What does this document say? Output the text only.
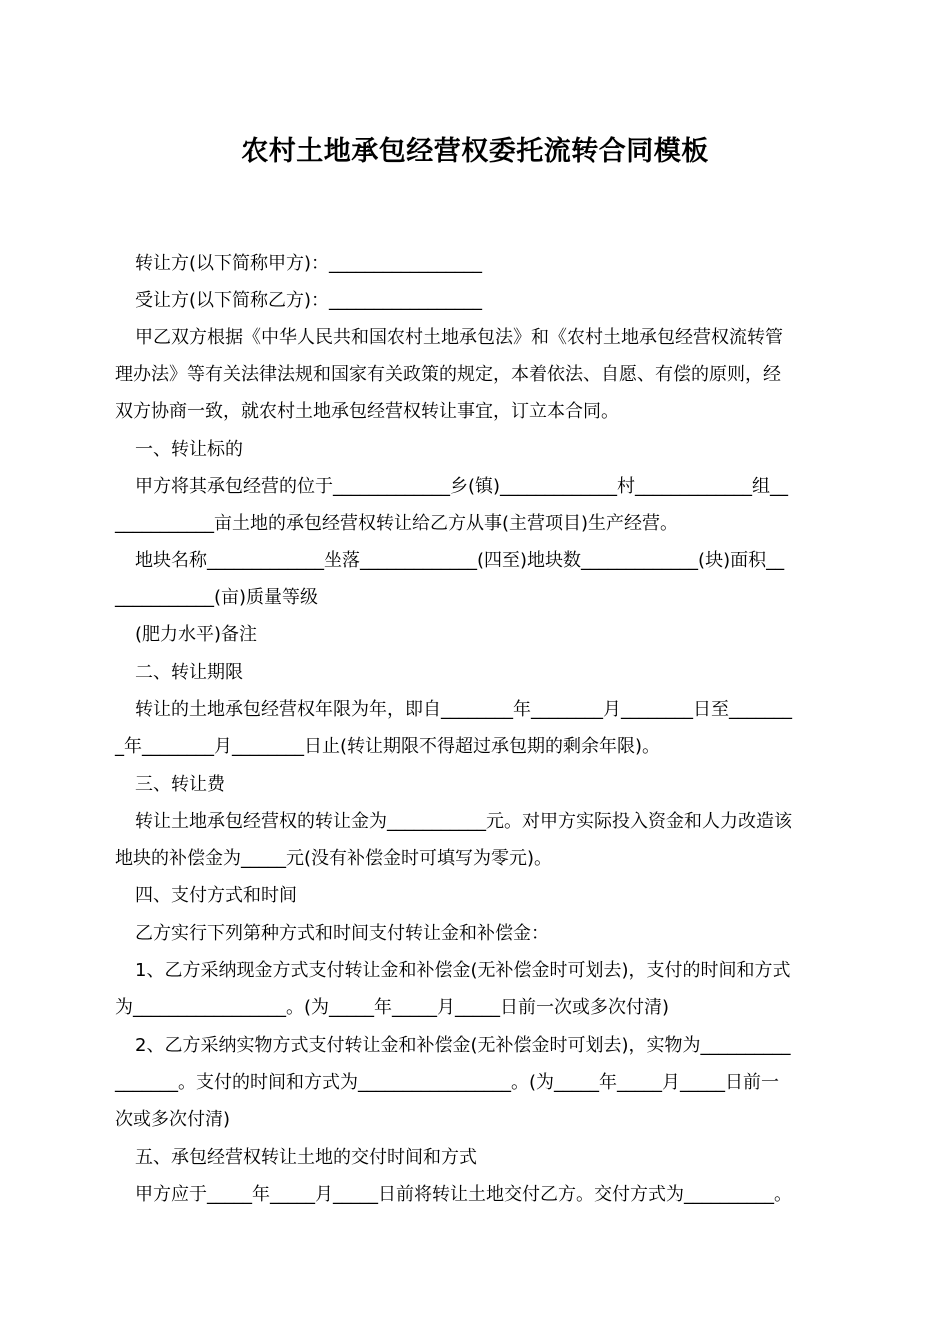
农村土地承包经营权委托流转合同模板
转让方(以下简称甲方)：_________________
受让方(以下简称乙方)：_________________
甲乙双方根据《中华人民共和国农村土地承包法》和《农村土地承包经营权流转管
理办法》等有关法律法规和国家有关政策的规定，本着依法、自愿、有偿的原则，经
双方协商一致，就农村土地承包经营权转让事宜，订立本合同。
一、转让标的
甲方将其承包经营的位于_____________乡(镇)_____________村_____________组__
___________亩土地的承包经营权转让给乙方从事(主营项目)生产经营。
地块名称_____________坐落_____________(四至)地块数_____________(块)面积__
___________(亩)质量等级
(肥力水平)备注
二、转让期限
转让的土地承包经营权年限为年，即自________年________月________日至_______
_年________月________日止(转让期限不得超过承包期的剩余年限)。
三、转让费
转让土地承包经营权的转让金为___________元。对甲方实际投入资金和人力改造该
地块的补偿金为_____元(没有补偿金时可填写为零元)。
四、支付方式和时间
乙方实行下列第种方式和时间支付转让金和补偿金：
1、乙方采纳现金方式支付转让金和补偿金(无补偿金时可划去)，支付的时间和方式
为_________________。(为_____年_____月_____日前一次或多次付清)
2、乙方采纳实物方式支付转让金和补偿金(无补偿金时可划去)，实物为__________
_______。支付的时间和方式为_________________。(为_____年_____月_____日前一
次或多次付清)
五、承包经营权转让土地的交付时间和方式
甲方应于_____年_____月_____日前将转让土地交付乙方。交付方式为__________。
